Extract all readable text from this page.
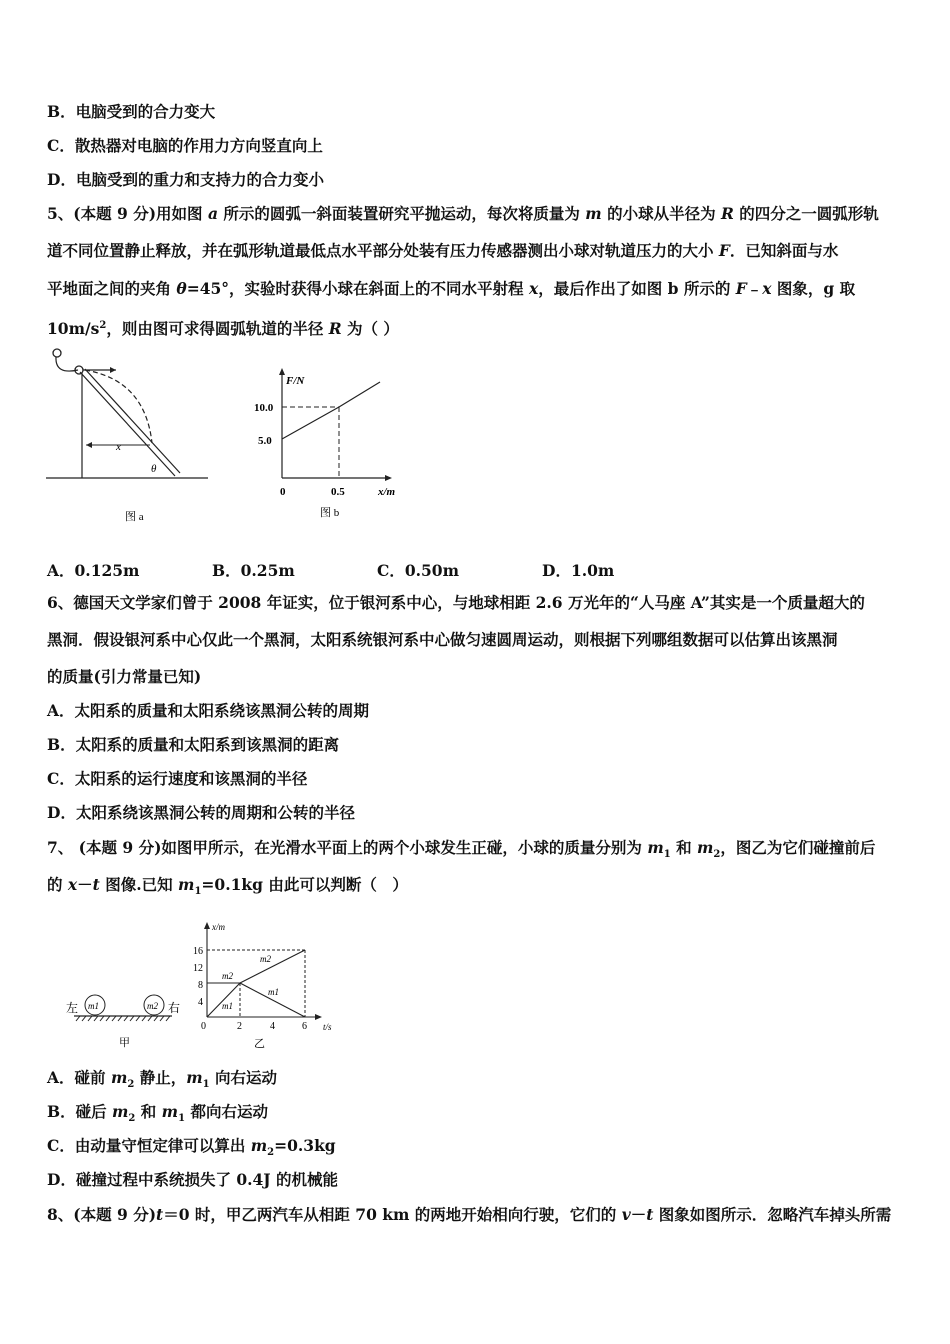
B．电脑受到的合力变大
C．散热器对电脑的作用力方向竖直向上
D．电脑受到的重力和支持力的合力变小
5、(本题 9 分)用如图 a 所示的圆弧一斜面装置研究平抛运动，每次将质量为 m 的小球从半径为 R 的四分之一圆弧形轨
道不同位置静止释放，并在弧形轨道最低点水平部分处装有压力传感器测出小球对轨道压力的大小 F．已知斜面与水
平地面之间的夹角 θ=45°，实验时获得小球在斜面上的不同水平射程 x，最后作出了如图 b 所示的 F﹣x 图象，g 取
$10m/s^2$，则由图可求得圆弧轨道的半径 R 为（ ）
6、德国天文学家们曾于 2008 年证实，位于银河系中心，与地球相距 2.6 万光年的“人马座 A”其实是一个质量超大的
黑洞．假设银河系中心仅此一个黑洞，太阳系统银河系中心做匀速圆周运动，则根据下列哪组数据可以估算出该黑洞
的质量(引力常量已知)
A．太阳系的质量和太阳系绕该黑洞公转的周期
B．太阳系的质量和太阳系到该黑洞的距离
C．太阳系的运行速度和该黑洞的半径
D．太阳系绕该黑洞公转的周期和公转的半径
7、 (本题 9 分)如图甲所示，在光滑水平面上的两个小球发生正碰，小球的质量分别为 $m_1$ 和 $m_2$，图乙为它们碰撞前后
的 x－t 图像.已知 $m_1=0.1kg$ 由此可以判断（　）
A．碰前 $m_2$ 静止，$m_1$ 向右运动
B．碰后 $m_2$ 和 $m_1$ 都向右运动
C．由动量守恒定律可以算出 $m_2=0.3kg$
D．碰撞过程中系统损失了 0.4J 的机械能
8、(本题 9 分)t＝0 时，甲乙两汽车从相距 70 km 的两地开始相向行驶，它们的 v－t 图象如图所示．忽略汽车掉头所需
A．0.125m	B．0.25m	C．0.50m	D．1.0m
x
θ
图 a
F/N
10.0
5.0
0	0.5	x/m
图 b
左 m1	m2 右
甲
x/m
t/s
16
12
8
4
0	2	4	6
m2
m2
m1
m1
乙
